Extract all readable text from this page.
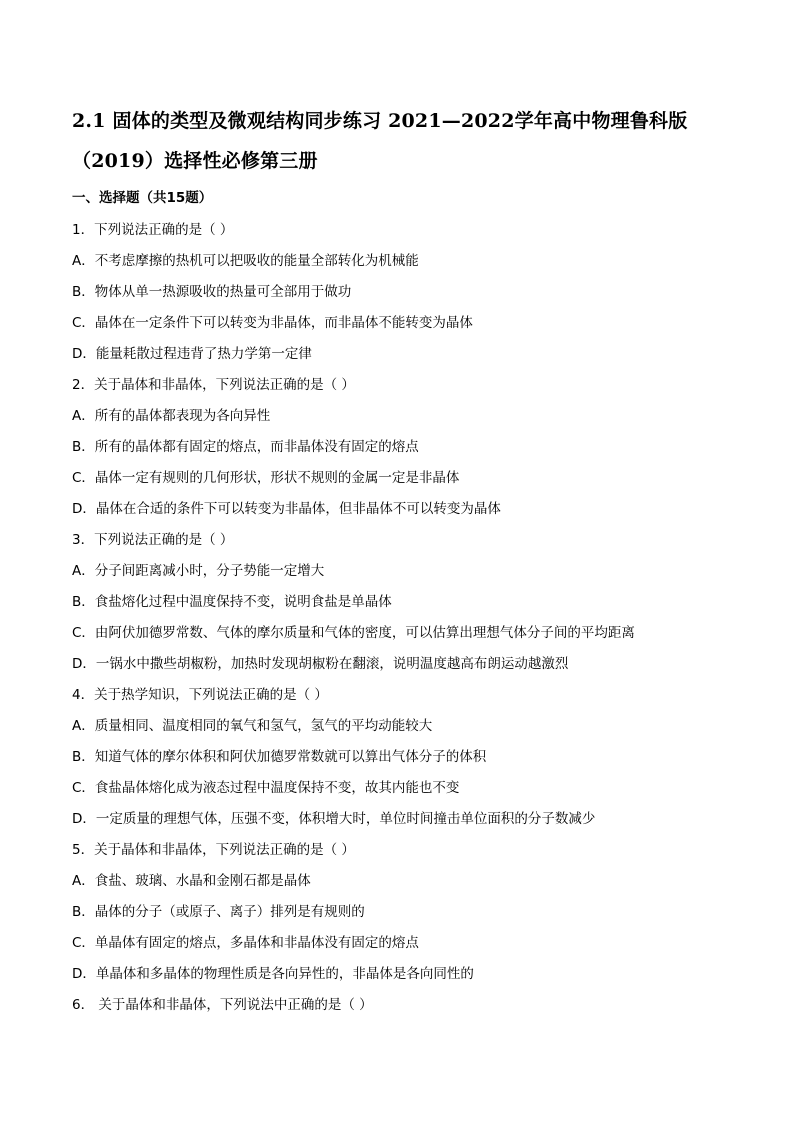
2.1 固体的类型及微观结构同步练习 2021—2022学年高中物理鲁科版
（2019）选择性必修第三册
一、选择题（共15题）
1．下列说法正确的是（ ）
A．不考虑摩擦的热机可以把吸收的能量全部转化为机械能
B．物体从单一热源吸收的热量可全部用于做功
C．晶体在一定条件下可以转变为非晶体，而非晶体不能转变为晶体
D．能量耗散过程违背了热力学第一定律
2．关于晶体和非晶体，下列说法正确的是（ ）
A．所有的晶体都表现为各向异性
B．所有的晶体都有固定的熔点，而非晶体没有固定的熔点
C．晶体一定有规则的几何形状，形状不规则的金属一定是非晶体
D．晶体在合适的条件下可以转变为非晶体，但非晶体不可以转变为晶体
3．下列说法正确的是（ ）
A．分子间距离减小时，分子势能一定增大
B．食盐熔化过程中温度保持不变，说明食盐是单晶体
C．由阿伏加德罗常数、气体的摩尔质量和气体的密度，可以估算出理想气体分子间的平均距离
D．一锅水中撒些胡椒粉，加热时发现胡椒粉在翻滚，说明温度越高布朗运动越激烈
4．关于热学知识，下列说法正确的是（ ）
A．质量相同、温度相同的氧气和氢气，氢气的平均动能较大
B．知道气体的摩尔体积和阿伏加德罗常数就可以算出气体分子的体积
C．食盐晶体熔化成为液态过程中温度保持不变，故其内能也不变
D．一定质量的理想气体，压强不变，体积增大时，单位时间撞击单位面积的分子数减少
5．关于晶体和非晶体，下列说法正确的是（ ）
A．食盐、玻璃、水晶和金刚石都是晶体
B．晶体的分子（或原子、离子）排列是有规则的
C．单晶体有固定的熔点，多晶体和非晶体没有固定的熔点
D．单晶体和多晶体的物理性质是各向异性的，非晶体是各向同性的
6． 关于晶体和非晶体，下列说法中正确的是（ ）
